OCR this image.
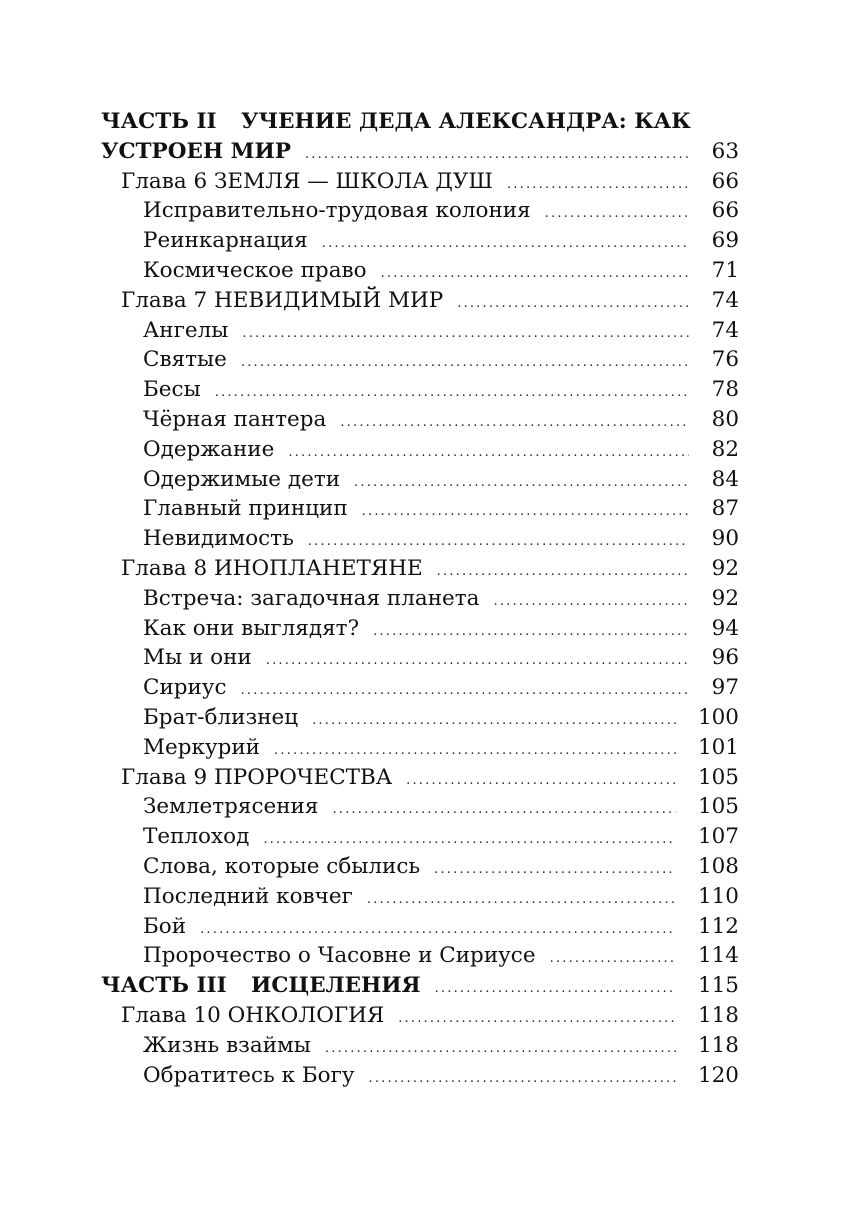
ЧАСТЬ II УЧЕНИЕ ДЕДА АЛЕКСАНДРА: КАК
УСТРОЕН МИР .....	63
Глава 6 ЗЕМЛЯ — ШКОЛА ДУШ .....	66
Исправительно-трудовая колония .....	66
Реинкарнация .....	69
Космическое право .....	71
Глава 7 НЕВИДИМЫЙ МИР .....	74
Ангелы .....	74
Святые .....	76
Бесы .....	78
Чёрная пантера .....	80
Одержание .....	82
Одержимые дети .....	84
Главный принцип .....	87
Невидимость .....	90
Глава 8 ИНОПЛАНЕТЯНЕ .....	92
Встреча: загадочная планета .....	92
Как они выглядят? .....	94
Мы и они .....	96
Сириус .....	97
Брат-близнец .....	100
Меркурий .....	101
Глава 9 ПРОРОЧЕСТВА .....	105
Землетрясения .....	105
Теплоход .....	107
Слова, которые сбылись .....	108
Последний ковчег .....	110
Бой .....	112
Пророчество о Часовне и Сириусе .....	114
ЧАСТЬ III ИСЦЕЛЕНИЯ .....	115
Глава 10 ОНКОЛОГИЯ .....	118
Жизнь взаймы .....	118
Обратитесь к Богу .....	120
